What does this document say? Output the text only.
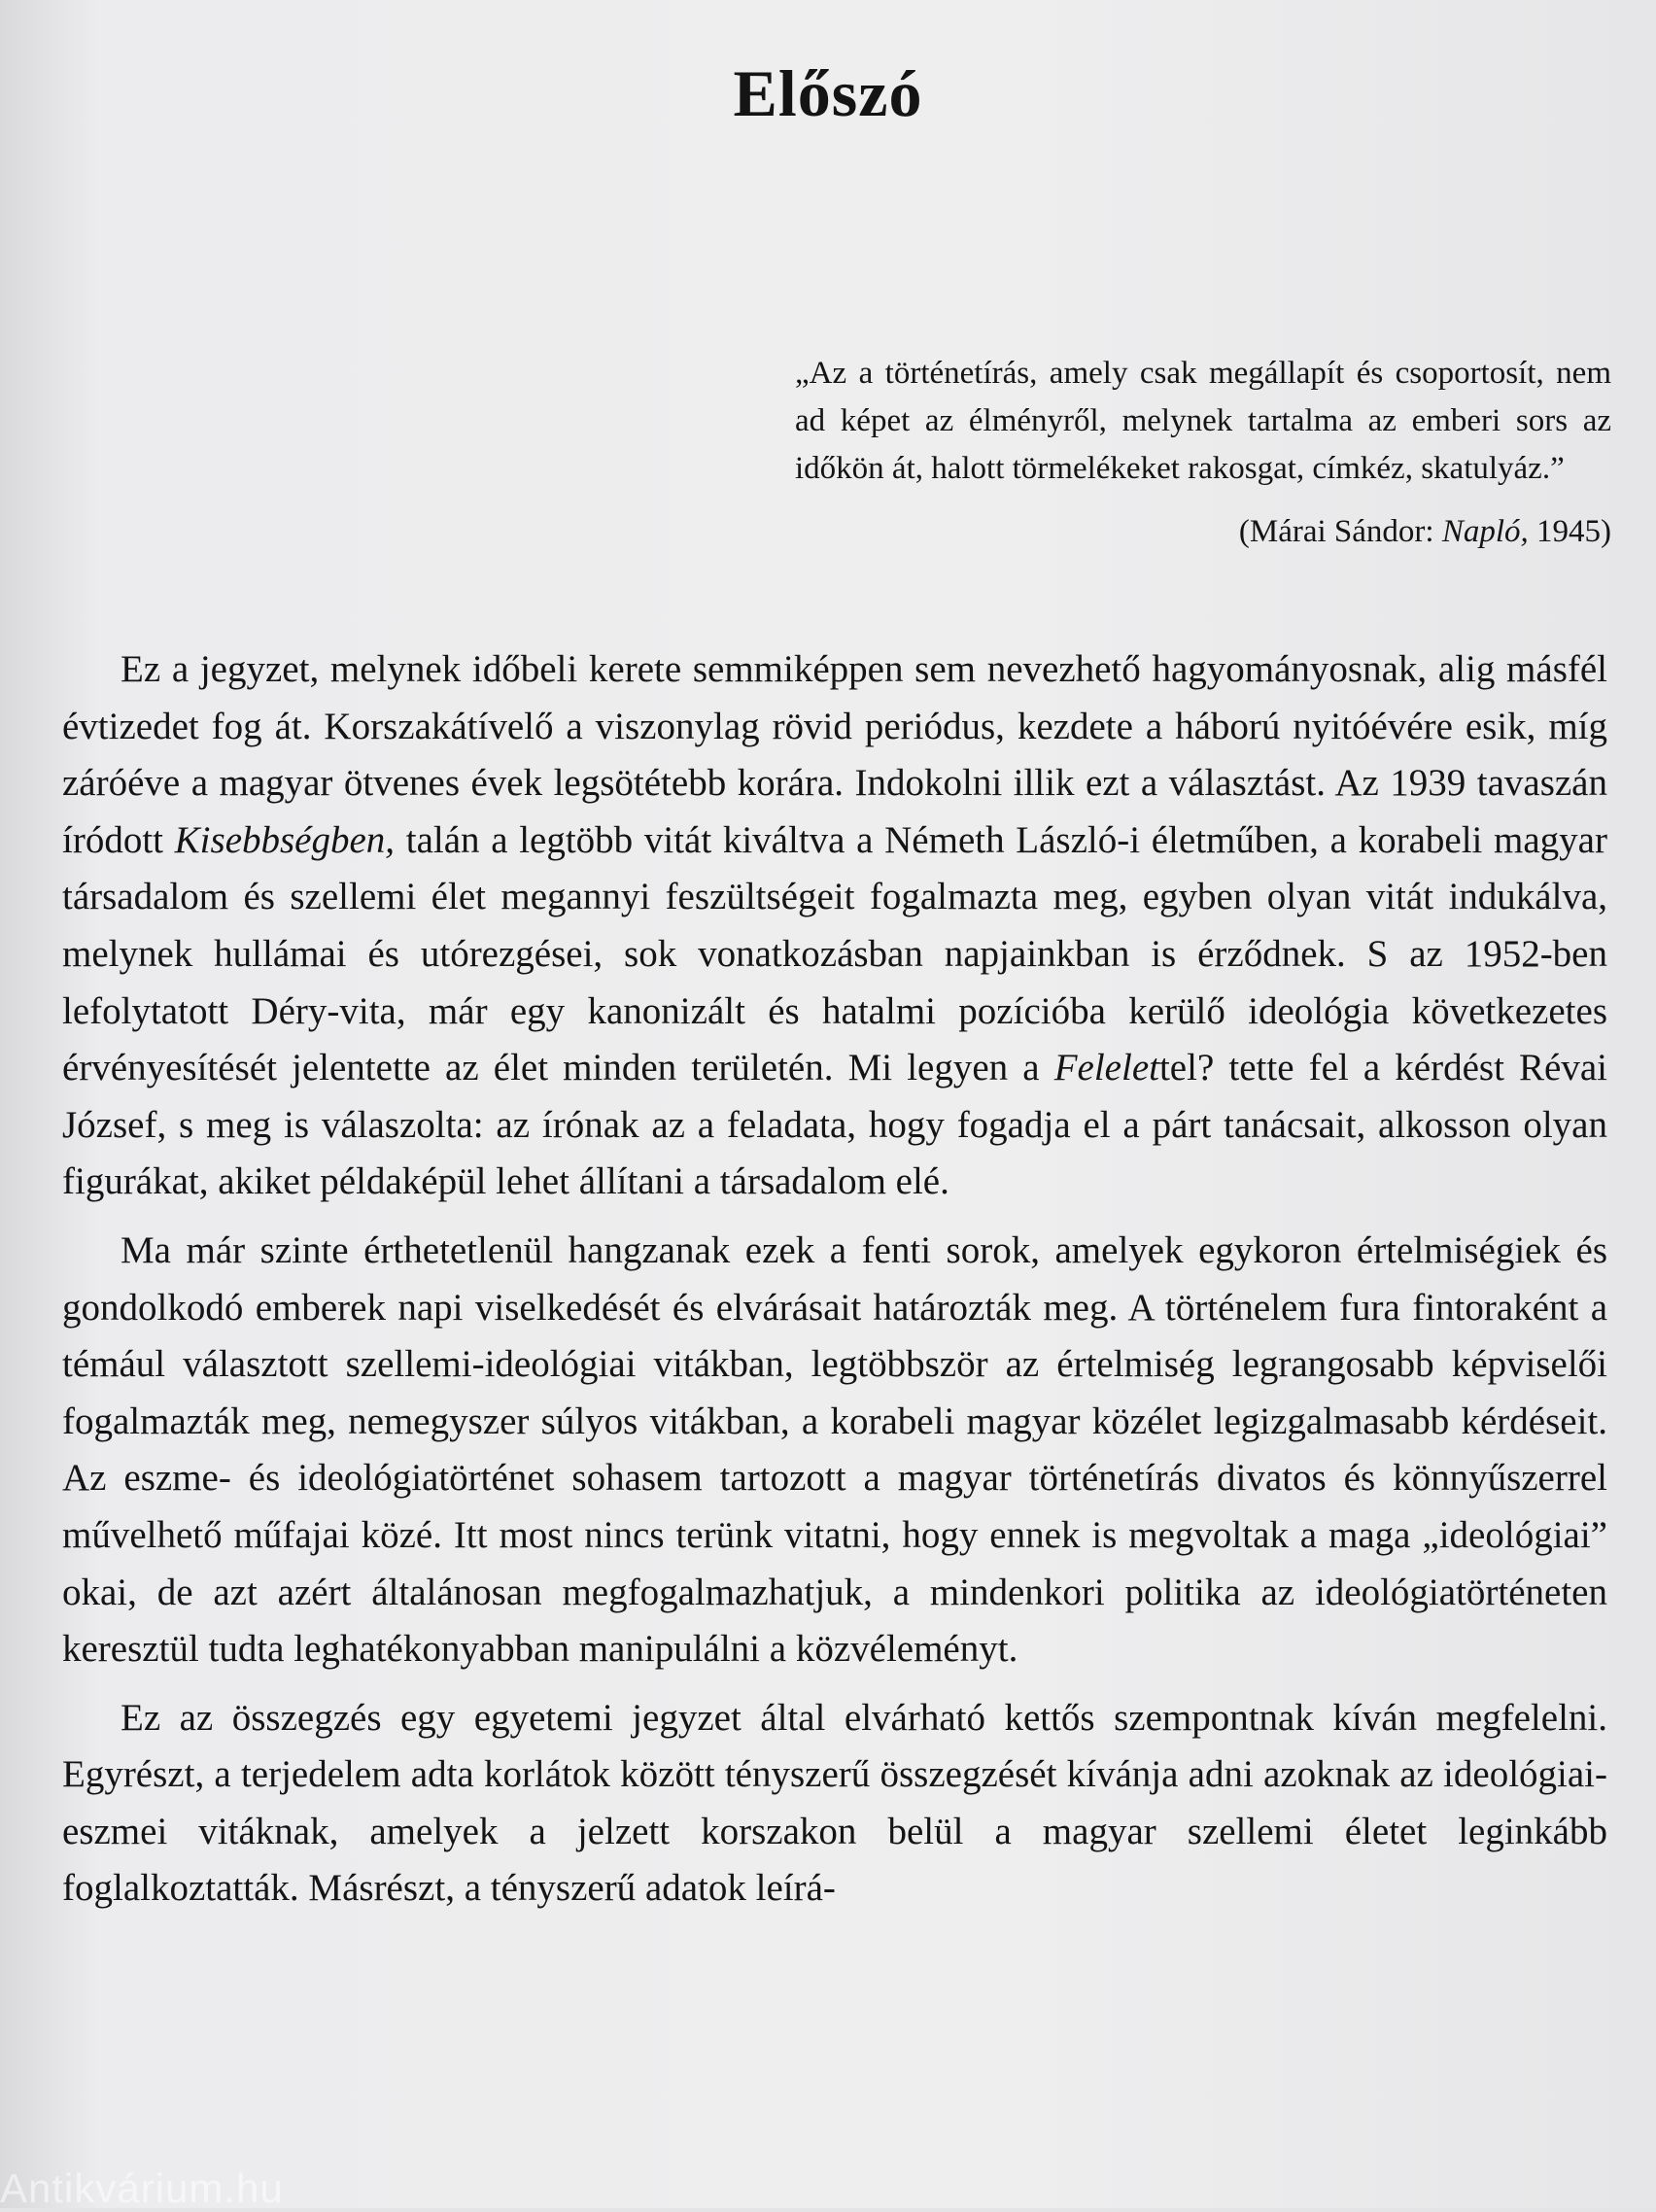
Előszó

„Az a történetírás, amely csak megállapít és csoportosít, nem ad képet az élményről, melynek tartalma az emberi sors az időkön át, halott törmelékeket rakosgat, címkéz, skatulyáz.”

(Márai Sándor: Napló, 1945)

Ez a jegyzet, melynek időbeli kerete semmiképpen sem nevezhető hagyományosnak, alig másfél évtizedet fog át. Korszakátívelő a viszonylag rövid periódus, kezdete a háború nyitóévére esik, míg záróéve a magyar ötvenes évek legsötétebb korára. Indokolni illik ezt a választást. Az 1939 tavaszán íródott Kisebbségben, talán a legtöbb vitát kiváltva a Németh László-i életműben, a korabeli magyar társadalom és szellemi élet megannyi feszültségeit fogalmazta meg, egyben olyan vitát indukálva, melynek hullámai és utórezgései, sok vonatkozásban napjainkban is érződnek. S az 1952-ben lefolytatott Déry-vita, már egy kanonizált és hatalmi pozícióba kerülő ideológia következetes érvényesítését jelentette az élet minden területén. Mi legyen a Felelettel? tette fel a kérdést Révai József, s meg is válaszolta: az írónak az a feladata, hogy fogadja el a párt tanácsait, alkosson olyan figurákat, akiket példaképül lehet állítani a társadalom elé.

Ma már szinte érthetetlenül hangzanak ezek a fenti sorok, amelyek egykoron értelmiségiek és gondolkodó emberek napi viselkedését és elvárásait határozták meg. A történelem fura fintoraként a témául választott szellemi-ideológiai vitákban, legtöbbször az értelmiség legrangosabb képviselői fogalmazták meg, nemegyszer súlyos vitákban, a korabeli magyar közélet legizgalmasabb kérdéseit. Az eszme- és ideológiatörténet sohasem tartozott a magyar történetírás divatos és könnyűszerrel művelhető műfajai közé. Itt most nincs terünk vitatni, hogy ennek is megvoltak a maga „ideológiai” okai, de azt azért általánosan megfogalmazhatjuk, a mindenkori politika az ideológiatörténeten keresztül tudta leghatékonyabban manipulálni a közvéleményt.

Ez az összegzés egy egyetemi jegyzet által elvárható kettős szempontnak kíván megfelelni. Egyrészt, a terjedelem adta korlátok között tényszerű összegzését kívánja adni azoknak az ideológiai-eszmei vitáknak, amelyek a jelzett korszakon belül a magyar szellemi életet leginkább foglalkoztatták. Másrészt, a tényszerű adatok leírá-

Antikvárium.hu
